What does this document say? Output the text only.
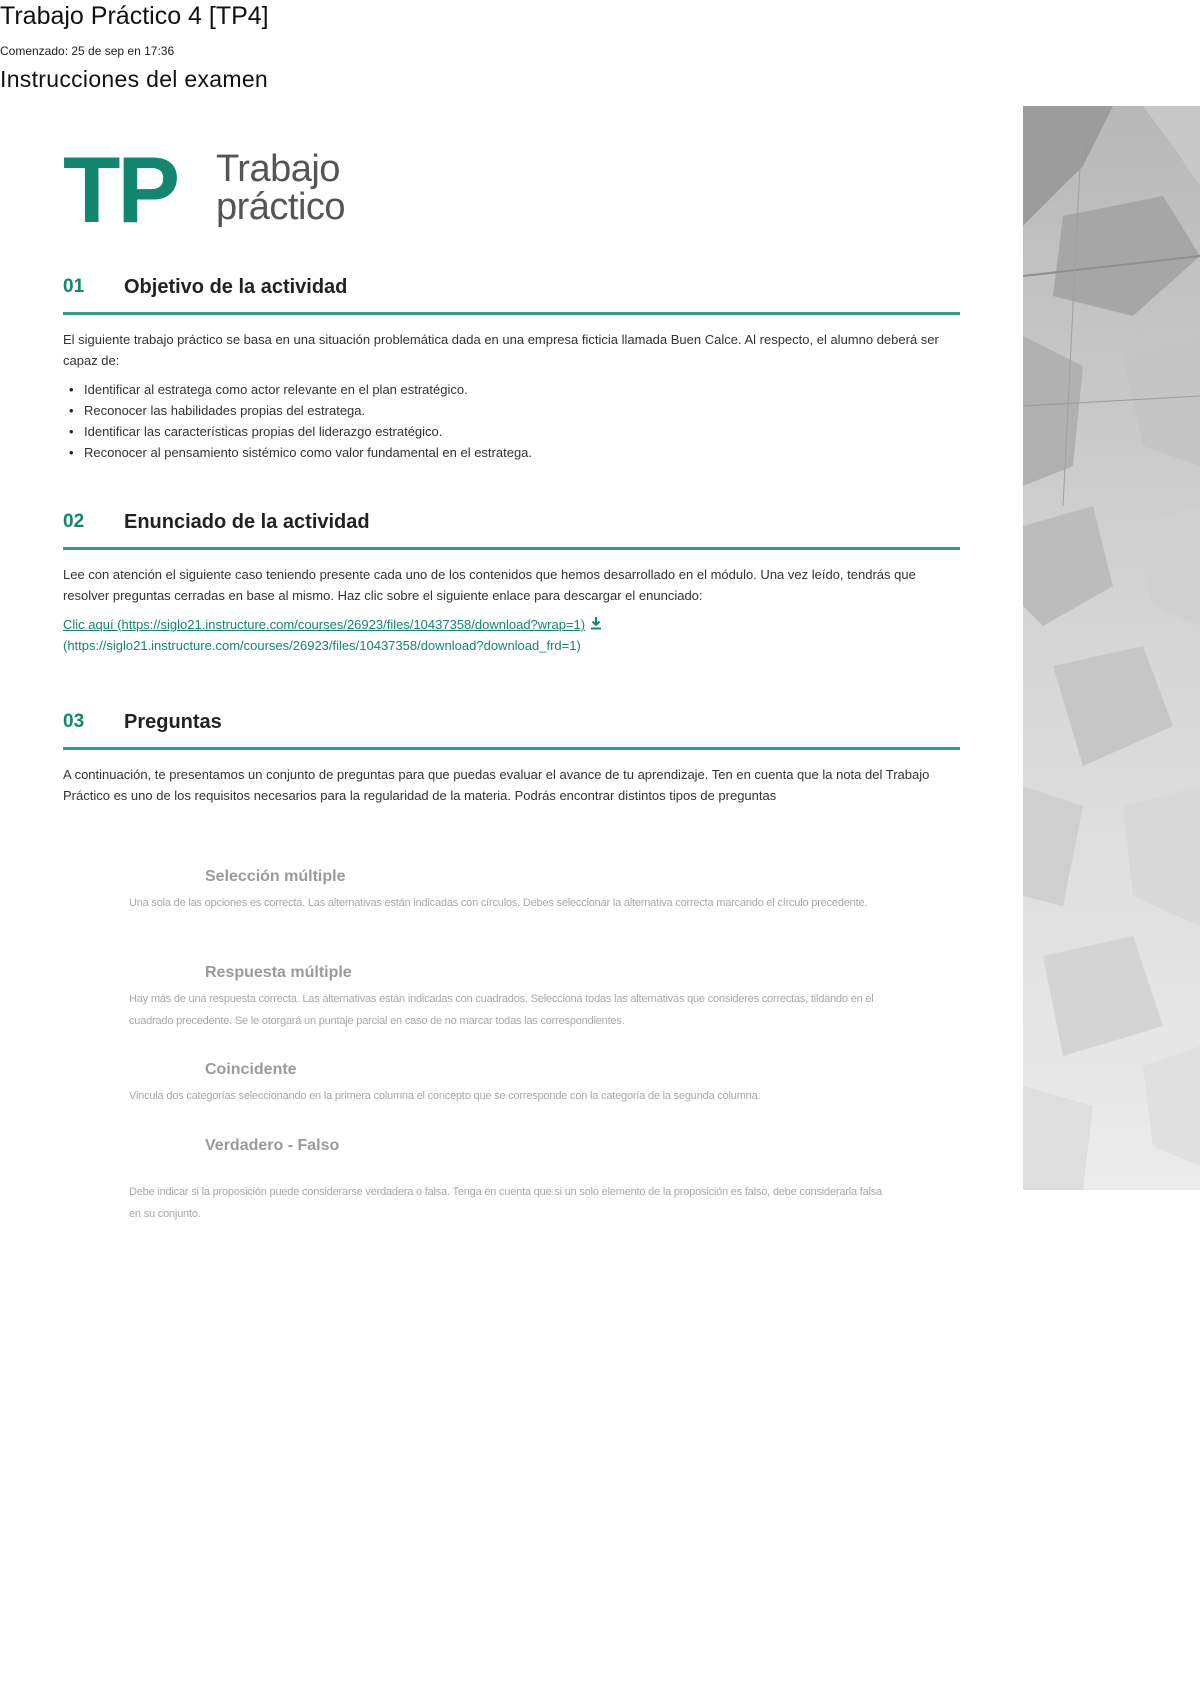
Trabajo Práctico 4 [TP4]
Comenzado: 25 de sep en 17:36
Instrucciones del examen
TP Trabajo
práctico
01 Objetivo de la actividad

El siguiente trabajo práctico se basa en una situación problemática dada en una empresa ficticia llamada Buen Calce. Al respecto, el alumno deberá ser capaz de:

• Identificar al estratega como actor relevante en el plan estratégico.
• Reconocer las habilidades propias del estratega.
• Identificar las características propias del liderazgo estratégico.
• Reconocer al pensamiento sistémico como valor fundamental en el estratega.
02 Enunciado de la actividad

Lee con atención el siguiente caso teniendo presente cada uno de los contenidos que hemos desarrollado en el módulo. Una vez leído, tendrás que resolver preguntas cerradas en base al mismo. Haz clic sobre el siguiente enlace para descargar el enunciado:

Clic aquí (https://siglo21.instructure.com/courses/26923/files/10437358/download?wrap=1)
(https://siglo21.instructure.com/courses/26923/files/10437358/download?download_frd=1)
03 Preguntas

A continuación, te presentamos un conjunto de preguntas para que puedas evaluar el avance de tu aprendizaje. Ten en cuenta que la nota del Trabajo Práctico es uno de los requisitos necesarios para la regularidad de la materia. Podrás encontrar distintos tipos de preguntas

Selección múltiple
Una sola de las opciones es correcta. Las alternativas están indicadas con círculos. Debes seleccionar la alternativa correcta marcando el círculo precedente.
Respuesta múltiple
Hay más de una respuesta correcta. Las alternativas están indicadas con cuadrados. Selecciona todas las alternativas que consideres correctas, tildando en el cuadrado precedente. Se le otorgará un puntaje parcial en caso de no marcar todas las correspondientes.
Coincidente
Vincula dos categorías seleccionando en la primera columna el concepto que se corresponde con la categoría de la segunda columna.
Verdadero - Falso
Debe indicar si la proposición puede considerarse verdadera o falsa. Tenga en cuenta que si un solo elemento de la proposición es falso, debe considerarla falsa en su conjunto.
